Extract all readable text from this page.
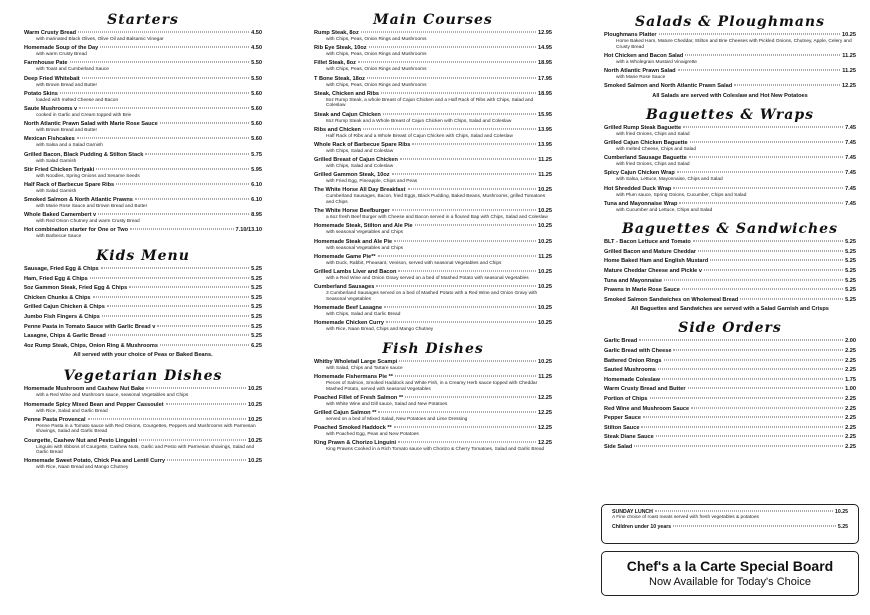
Starters
Warm Crusty Bread	4.50
with marinated Black Olives, Olive Oil and Balsamic Vinegar
Homemade Soup of the Day	4.50
with warm Crusty Bread
Farmhouse Pate	5.50
with Toast and Cumberland Sauce
Deep Fried Whitebait	5.50
with Brown Bread and Butter
Potato Skins	5.60
loaded with melted Cheese and Bacon
Saute Mushrooms v	5.60
cooked in Garlic and Cream topped with Brie
North Atlantic Prawn Salad with Marie Rose Sauce	5.60
with Brown Bread and Butter
Mexican Fishcakes	5.60
with Salsa and a Salad Garnish
Grilled Bacon, Black Pudding & Stilton Stack	5.75
with Salad Garnish
Stir Fried Chicken Teriyaki	5.95
with Noodles, Spring Onions and Sesame Seeds
Half Rack of Barbecue Spare Ribs	6.10
with Salad Garnish
Smoked Salmon & North Atlantic Prawns	6.10
with Marie Rose Sauce and Brown Bread and Butter
Whole Baked Camembert v	8.95
with Red Onion Chutney and warm Crusty Bread
Hot combination starter for One or Two	7.10/13.10
with Barbecue Sauce
Kids Menu
Sausage, Fried Egg & Chips	5.25
Ham, Fried Egg & Chips	5.25
5oz Gammon Steak, Fried Egg & Chips	5.25
Chicken Chunks & Chips	5.25
Grilled Cajun Chicken & Chips	5.25
Jumbo Fish Fingers & Chips	5.25
Penne Pasta in Tomato Sauce with Garlic Bread v	5.25
Lasagne, Chips & Garlic Bread	5.25
4oz Rump Steak, Chips, Onion Ring & Mushrooms	6.25
All served with your choice of Peas or Baked Beans.
Vegetarian Dishes
Homemade Mushroom and Cashew Nut Bake	10.25
with a Red Wine and Mushroom sauce, seasonal Vegetables and Chips
Homemade Spicy Mixed Bean and Pepper Cassoulet	10.25
with Rice, Salad and Garlic Bread
Penne Pasta Provencal	10.25
Penne Pasta in a Tomato sauce with Red Onions, Courgettes, Peppers and Mushrooms with Parmesan shavings, Salad and Garlic Bread
Courgette, Cashew Nut and Pesto Linguini	10.25
Linguini with ribbons of Courgette, Cashew Nuts, Garlic and Pesto with Parmesan shavings, Salad and Garlic Bread
Homemade Sweet Potato, Chick Pea and Lentil Curry	10.25
with Rice, Naan Bread and Mango Chutney
Main Courses
Rump Steak, 8oz	12.95
with Chips, Peas, Onion Rings and Mushrooms
Rib Eye Steak, 10oz	14.95
with Chips, Peas, Onion Rings and Mushrooms
Fillet Steak, 8oz	18.95
with Chips, Peas, Onion Rings and Mushrooms
T Bone Steak, 18oz	17.95
with Chips, Peas, Onion Rings and Mushrooms
Steak, Chicken and Ribs	18.95
8oz Rump Steak, a whole Breast of Cajun Chicken and a Half Rack of Ribs with Chips, Salad and Coleslaw
Steak and Cajun Chicken	15.95
8oz Rump Steak and a Whole Breast of Cajun Chicken with Chips, Salad and Coleslaw
Ribs and Chicken	13.95
Half Rack of Ribs and a Whole Breast of Cajun Chicken with Chips, Salad and Coleslaw
Whole Rack of Barbecue Spare Ribs	13.95
with Chips, Salad and Coleslaw
Grilled Breast of Cajun Chicken	11.25
with Chips, Salad and Coleslaw
Grilled Gammon Steak, 10oz	11.25
with Fried Egg, Pineapple, Chips and Peas
The White Horse All Day Breakfast	10.25
Cumberland Sausages, Bacon, fried Eggs, Black Pudding, Baked Beans, Mushrooms, grilled Tomatoes and Chips
The White Horse Beefburger	10.25
a 6oz fresh Beef Burger with Cheese and Bacon served in a floured Bap with Chips, Salad and Coleslaw
Homemade Steak, Stilton and Ale Pie	10.25
with seasonal Vegetables and Chips
Homemade Steak and Ale Pie	10.25
with seasonal Vegetables and Chips
Homemade Game Pie**	11.25
with Duck, Rabbit, Pheasant, Venison, served with seasonal Vegetables and Chips
Grilled Lambs Liver and Bacon	10.25
with a Red Wine and Onion Gravy served on a bed of Mashed Potato with seasonal Vegetables
Cumberland Sausages	10.25
3 Cumberland Sausages served on a bed of Mashed Potato with a Red Wine and Onion Gravy with Seasonal Vegetables
Homemade Beef Lasagne	10.25
with Chips, Salad and Garlic Bread
Homemade Chicken Curry	10.25
with Rice, Naan Bread, Chips and Mango Chutney
Fish Dishes
Whitby Wholetail Large Scampi	10.25
with Salad, Chips and Tartare sauce
Homemade Fishermans Pie **	11.25
Pieces of Salmon, Smoked Haddock and White Fish, in a Creamy Herb sauce topped with Cheddar Mashed Potato, served with seasonal Vegetables
Poached Fillet of Fresh Salmon **	12.25
with White Wine and Dill sauce, Salad and New Potatoes
Grilled Cajun Salmon **	12.25
served on a bed of Mixed Salad, New Potatoes and Lime Dressing
Poached Smoked Haddock **	12.25
with Poached Egg, Peas and New Potatoes
King Prawn & Chorizo Linguini	12.25
King Prawns Cooked in a Rich Tomato sauce with Chorizo & Cherry Tomatoes, Salad and Garlic Bread
Salads & Ploughmans
Ploughmans Platter	10.25
Home Baked Ham, Mature Cheddar, Stilton and Brie Cheeses with Pickled Onions, Chutney, Apple, Celery and Crusty Bread
Hot Chicken and Bacon Salad	11.25
with a Wholegrain Mustard Vinaigrette
North Atlantic Prawn Salad	11.25
with Marie Rose Sauce
Smoked Salmon and North Atlantic Prawn Salad	12.25
All Salads are served with Coleslaw and Hot New Potatoes
Baguettes & Wraps
Grilled Rump Steak Baguette	7.45
with fried Onions, Chips and Salad
Grilled Cajun Chicken Baguette	7.45
with melted Cheese, Chips and Salad
Cumberland Sausage Baguette	7.45
with fried Onions, Chips and Salad
Spicy Cajun Chicken Wrap	7.45
with Salsa, Lettuce, Mayonnaise, Chips and Salad
Hot Shredded Duck Wrap	7.45
with Plum sauce, Spring Onions, Cucumber, Chips and Salad
Tuna and Mayonnaise Wrap	7.45
with Cucumber and Lettuce, Chips and Salad
Baguettes & Sandwiches
BLT - Bacon Lettuce and Tomato	5.25
Grilled Bacon and Mature Cheddar	5.25
Home Baked Ham and English Mustard	5.25
Mature Cheddar Cheese and Pickle v	5.25
Tuna and Mayonnaise	5.25
Prawns in Marie Rose Sauce	5.25
Smoked Salmon Sandwiches on Wholemeal Bread	5.25
All Baguettes and Sandwiches are served with a Salad Garnish and Crisps
Side Orders
Garlic Bread	2.00
Garlic Bread with Cheese	2.25
Battered Onion Rings	2.25
Sauted Mushrooms	2.25
Homemade Coleslaw	1.75
Warm Crusty Bread and Butter	1.00
Portion of Chips	2.25
Red Wine and Mushroom Sauce	2.25
Pepper Sauce	2.25
Stilton Sauce	2.25
Steak Diane Sauce	2.25
Side Salad	2.25
SUNDAY LUNCH	10.25
A Fine choice of roast meats served with fresh vegetables & potatoes
Children under 10 years	5.25
Chef's a la Carte Special Board
Now Available for Today's Choice
